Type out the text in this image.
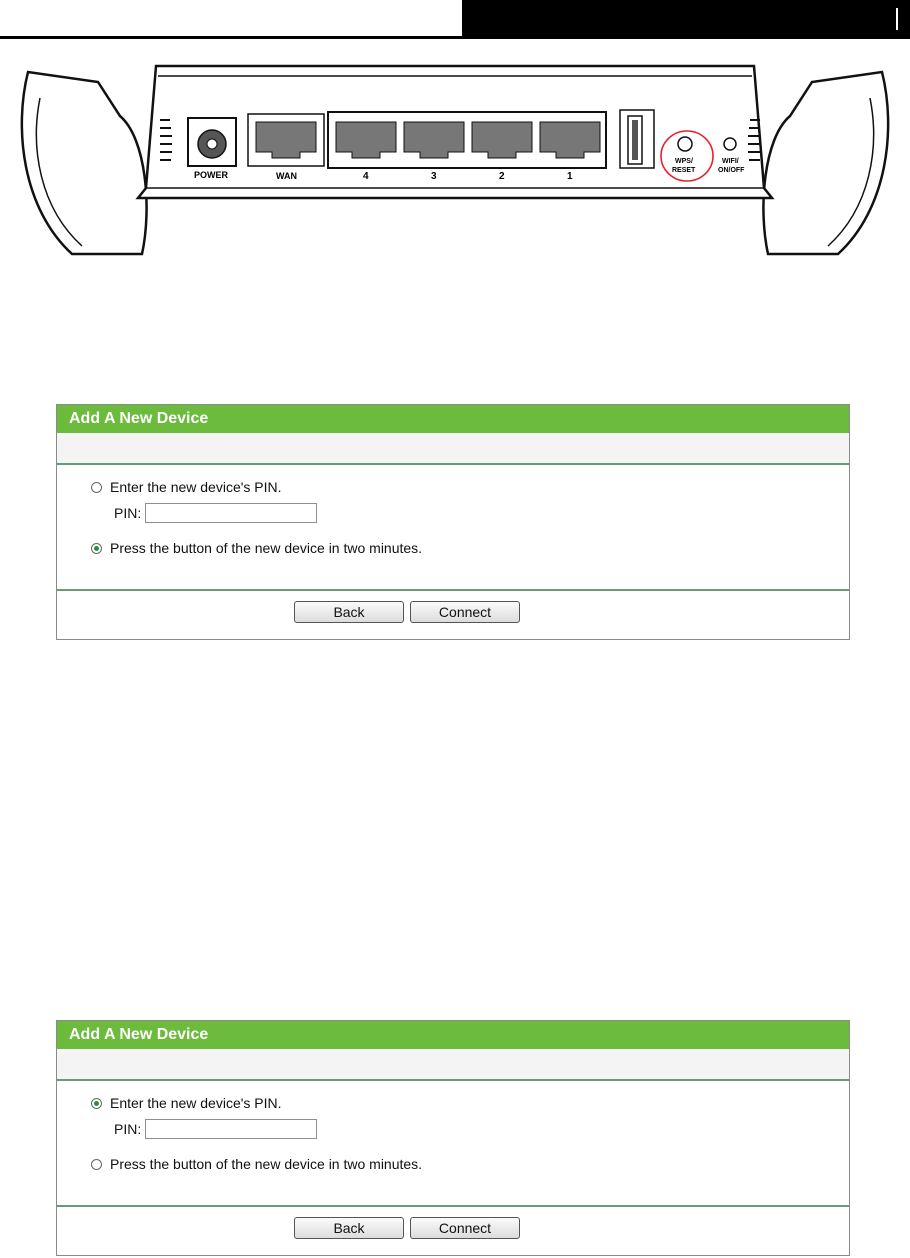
POWER	WAN	4	3	2	1
WPS/
RESET
WIFI/
ON/OFF
Add A New Device
Enter the new device's PIN.
PIN:
Press the button of the new device in two minutes.
Back	Connect
Add A New Device
Enter the new device's PIN.
PIN:
Press the button of the new device in two minutes.
Back	Connect
